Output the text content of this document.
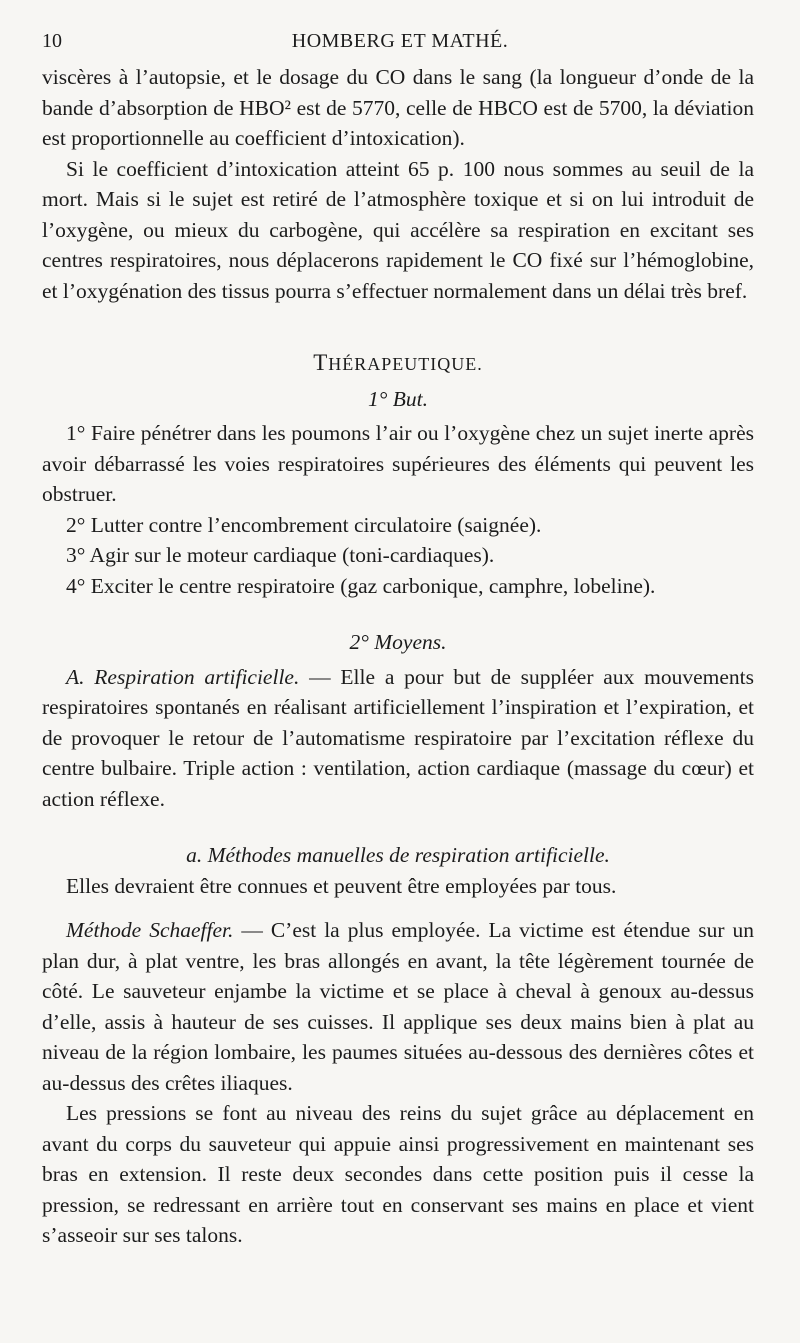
10	HOMBERG ET MATHÉ.

viscères à l’autopsie, et le dosage du CO dans le sang (la longueur d’onde de la bande d’absorption de HBO² est de 5770, celle de HBCO est de 5700, la déviation est proportionnelle au coefficient d’intoxication).

Si le coefficient d’intoxication atteint 65 p. 100 nous sommes au seuil de la mort. Mais si le sujet est retiré de l’atmosphère toxique et si on lui introduit de l’oxygène, ou mieux du carbogène, qui accélère sa respiration en excitant ses centres respiratoires, nous déplacerons rapidement le CO fixé sur l’hémoglobine, et l’oxygénation des tissus pourra s’effectuer normalement dans un délai très bref.

THÉRAPEUTIQUE.

1° But.

1° Faire pénétrer dans les poumons l’air ou l’oxygène chez un sujet inerte après avoir débarrassé les voies respiratoires supérieures des éléments qui peuvent les obstruer.

2° Lutter contre l’encombrement circulatoire (saignée).

3° Agir sur le moteur cardiaque (toni-cardiaques).

4° Exciter le centre respiratoire (gaz carbonique, camphre, lobeline).

2° Moyens.

A. Respiration artificielle. — Elle a pour but de suppléer aux mouvements respiratoires spontanés en réalisant artificiellement l’inspiration et l’expiration, et de provoquer le retour de l’automatisme respiratoire par l’excitation réflexe du centre bulbaire. Triple action : ventilation, action cardiaque (massage du cœur) et action réflexe.

a. Méthodes manuelles de respiration artificielle.

Elles devraient être connues et peuvent être employées par tous.

Méthode Schaeffer. — C’est la plus employée. La victime est étendue sur un plan dur, à plat ventre, les bras allongés en avant, la tête légèrement tournée de côté. Le sauveteur enjambe la victime et se place à cheval à genoux au-dessus d’elle, assis à hauteur de ses cuisses. Il applique ses deux mains bien à plat au niveau de la région lombaire, les paumes situées au-dessous des dernières côtes et au-dessus des crêtes iliaques.

Les pressions se font au niveau des reins du sujet grâce au déplacement en avant du corps du sauveteur qui appuie ainsi progressivement en maintenant ses bras en extension. Il reste deux secondes dans cette position puis il cesse la pression, se redressant en arrière tout en conservant ses mains en place et vient s’asseoir sur ses talons.
